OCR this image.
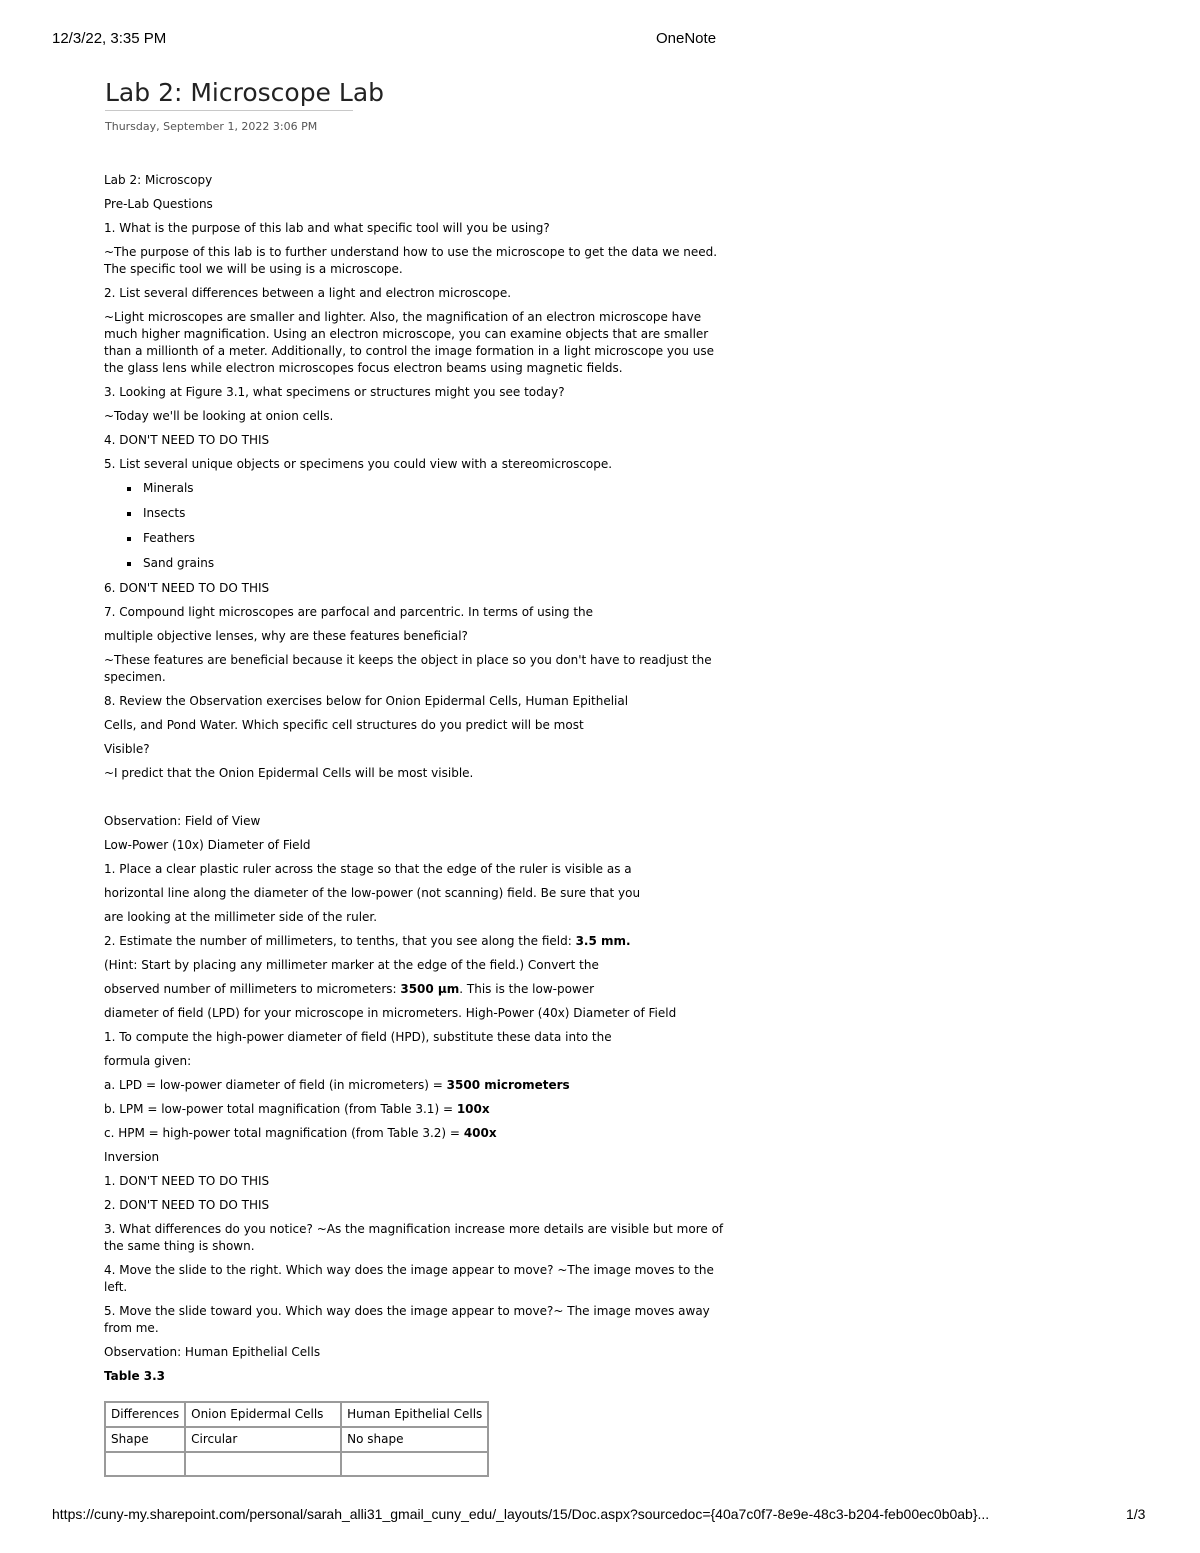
12/3/22, 3:35 PM	OneNote
Lab 2: Microscope Lab
Thursday, September 1, 2022 3:06 PM

Lab 2: Microscopy

Pre-Lab Questions

1. What is the purpose of this lab and what specific tool will you be using?

~The purpose of this lab is to further understand how to use the microscope to get the data we need. The specific tool we will be using is a microscope.

2. List several differences between a light and electron microscope.

~Light microscopes are smaller and lighter. Also, the magnification of an electron microscope have much higher magnification. Using an electron microscope, you can examine objects that are smaller than a millionth of a meter. Additionally, to control the image formation in a light microscope you use the glass lens while electron microscopes focus electron beams using magnetic fields.

3. Looking at Figure 3.1, what specimens or structures might you see today?

~Today we'll be looking at onion cells.

4. DON'T NEED TO DO THIS

5. List several unique objects or specimens you could view with a stereomicroscope.

▪ Minerals
▪ Insects
▪ Feathers
▪ Sand grains

6. DON'T NEED TO DO THIS

7. Compound light microscopes are parfocal and parcentric. In terms of using the

multiple objective lenses, why are these features beneficial?

~These features are beneficial because it keeps the object in place so you don't have to readjust the specimen.

8. Review the Observation exercises below for Onion Epidermal Cells, Human Epithelial

Cells, and Pond Water. Which specific cell structures do you predict will be most

Visible?

~I predict that the Onion Epidermal Cells will be most visible.

Observation: Field of View

Low-Power (10x) Diameter of Field

1. Place a clear plastic ruler across the stage so that the edge of the ruler is visible as a

horizontal line along the diameter of the low-power (not scanning) field. Be sure that you

are looking at the millimeter side of the ruler.

2. Estimate the number of millimeters, to tenths, that you see along the field: 3.5 mm.

(Hint: Start by placing any millimeter marker at the edge of the field.) Convert the

observed number of millimeters to micrometers: 3500 µm. This is the low-power

diameter of field (LPD) for your microscope in micrometers. High-Power (40x) Diameter of Field

1. To compute the high-power diameter of field (HPD), substitute these data into the

formula given:

a. LPD = low-power diameter of field (in micrometers) = 3500 micrometers

b. LPM = low-power total magnification (from Table 3.1) = 100x

c. HPM = high-power total magnification (from Table 3.2) = 400x

Inversion

1. DON'T NEED TO DO THIS

2. DON'T NEED TO DO THIS

3. What differences do you notice? ~As the magnification increase more details are visible but more of the same thing is shown.

4. Move the slide to the right. Which way does the image appear to move? ~The image moves to the left.

5. Move the slide toward you. Which way does the image appear to move?~ The image moves away from me.

Observation: Human Epithelial Cells

Table 3.3

Differences	Onion Epidermal Cells	Human Epithelial Cells
Shape	Circular	No shape

https://cuny-my.sharepoint.com/personal/sarah_alli31_gmail_cuny_edu/_layouts/15/Doc.aspx?sourcedoc={40a7c0f7-8e9e-48c3-b204-feb00ec0b0ab}...	1/3
